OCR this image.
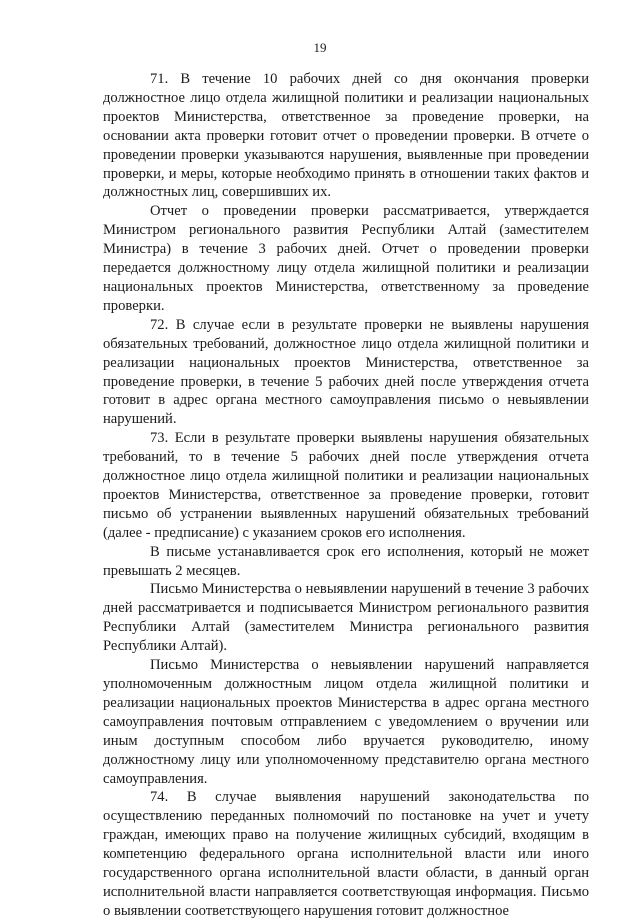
19

71. В течение 10 рабочих дней со дня окончания проверки должностное лицо отдела жилищной политики и реализации национальных проектов Министерства, ответственное за проведение проверки, на основании акта проверки готовит отчет о проведении проверки. В отчете о проведении проверки указываются нарушения, выявленные при проведении проверки, и меры, которые необходимо принять в отношении таких фактов и должностных лиц, совершивших их.

Отчет о проведении проверки рассматривается, утверждается Министром регионального развития Республики Алтай (заместителем Министра) в течение 3 рабочих дней. Отчет о проведении проверки передается должностному лицу отдела жилищной политики и реализации национальных проектов Министерства, ответственному за проведение проверки.

72. В случае если в результате проверки не выявлены нарушения обязательных требований, должностное лицо отдела жилищной политики и реализации национальных проектов Министерства, ответственное за проведение проверки, в течение 5 рабочих дней после утверждения отчета готовит в адрес органа местного самоуправления письмо о невыявлении нарушений.

73. Если в результате проверки выявлены нарушения обязательных требований, то в течение 5 рабочих дней после утверждения отчета должностное лицо отдела жилищной политики и реализации национальных проектов Министерства, ответственное за проведение проверки, готовит письмо об устранении выявленных нарушений обязательных требований (далее - предписание) с указанием сроков его исполнения.

В письме устанавливается срок его исполнения, который не может превышать 2 месяцев.

Письмо Министерства о невыявлении нарушений в течение 3 рабочих дней рассматривается и подписывается Министром регионального развития Республики Алтай (заместителем Министра регионального развития Республики Алтай).

Письмо Министерства о невыявлении нарушений направляется уполномоченным должностным лицом отдела жилищной политики и реализации национальных проектов Министерства в адрес органа местного самоуправления почтовым отправлением с уведомлением о вручении или иным доступным способом либо вручается руководителю, иному должностному лицу или уполномоченному представителю органа местного самоуправления.

74. В случае выявления нарушений законодательства по осуществлению переданных полномочий по постановке на учет и учету граждан, имеющих право на получение жилищных субсидий, входящим в компетенцию федерального органа исполнительной власти или иного государственного органа исполнительной власти области, в данный орган исполнительной власти направляется соответствующая информация. Письмо о выявлении соответствующего нарушения готовит должностное
